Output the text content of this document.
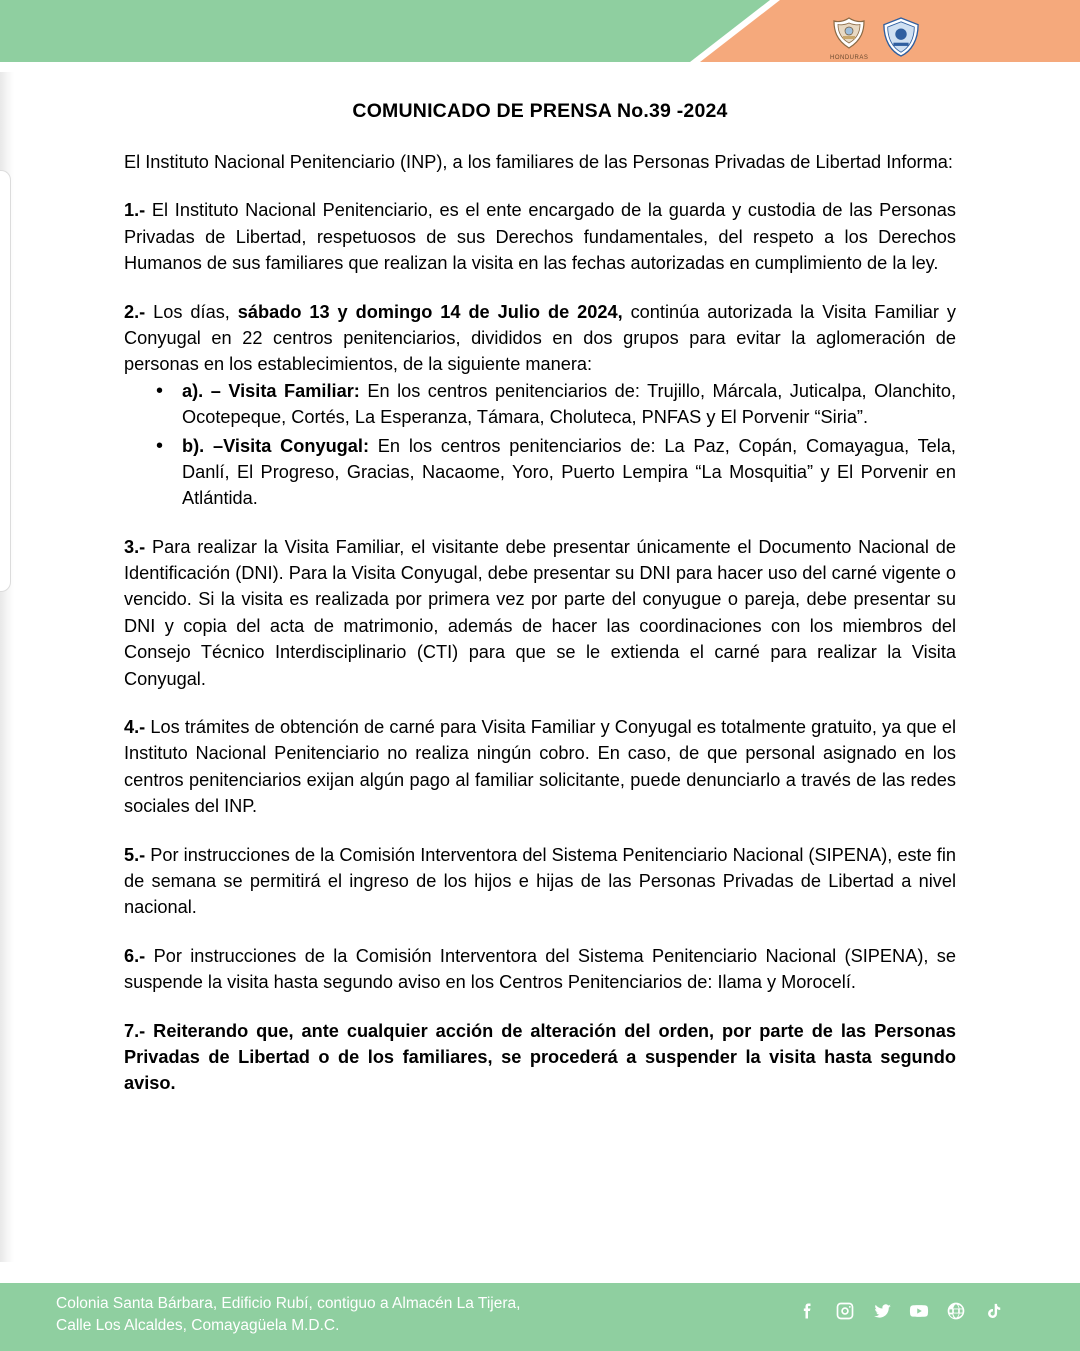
HONDURAS
COMUNICADO DE PRENSA No.39 -2024

El Instituto Nacional Penitenciario (INP), a los familiares de las Personas Privadas de Libertad Informa:

1.- El Instituto Nacional Penitenciario, es el ente encargado de la guarda y custodia de las Personas Privadas de Libertad, respetuosos de sus Derechos fundamentales, del respeto a los Derechos Humanos de sus familiares que realizan la visita en las fechas autorizadas en cumplimiento de la ley.

2.- Los días, sábado 13 y domingo 14 de Julio de 2024, continúa autorizada la Visita Familiar y Conyugal en 22 centros penitenciarios, divididos en dos grupos para evitar la aglomeración de personas en los establecimientos, de la siguiente manera:

• a). – Visita Familiar: En los centros penitenciarios de: Trujillo, Márcala, Juticalpa, Olanchito, Ocotepeque, Cortés, La Esperanza, Támara, Choluteca, PNFAS y El Porvenir “Siria”.
• b). –Visita Conyugal: En los centros penitenciarios de: La Paz, Copán, Comayagua, Tela, Danlí, El Progreso, Gracias, Nacaome, Yoro, Puerto Lempira “La Mosquitia” y El Porvenir en Atlántida.

3.- Para realizar la Visita Familiar, el visitante debe presentar únicamente el Documento Nacional de Identificación (DNI). Para la Visita Conyugal, debe presentar su DNI para hacer uso del carné vigente o vencido. Si la visita es realizada por primera vez por parte del conyugue o pareja, debe presentar su DNI y copia del acta de matrimonio, además de hacer las coordinaciones con los miembros del Consejo Técnico Interdisciplinario (CTI) para que se le extienda el carné para realizar la Visita Conyugal.

4.- Los trámites de obtención de carné para Visita Familiar y Conyugal es totalmente gratuito, ya que el Instituto Nacional Penitenciario no realiza ningún cobro. En caso, de que personal asignado en los centros penitenciarios exijan algún pago al familiar solicitante, puede denunciarlo a través de las redes sociales del INP.

5.- Por instrucciones de la Comisión Interventora del Sistema Penitenciario Nacional (SIPENA), este fin de semana se permitirá el ingreso de los hijos e hijas de las Personas Privadas de Libertad a nivel nacional.

6.- Por instrucciones de la Comisión Interventora del Sistema Penitenciario Nacional (SIPENA), se suspende la visita hasta segundo aviso en los Centros Penitenciarios de: Ilama y Morocelí.

7.- Reiterando que, ante cualquier acción de alteración del orden, por parte de las Personas Privadas de Libertad o de los familiares, se procederá a suspender la visita hasta segundo aviso.

Colonia Santa Bárbara, Edificio Rubí, contiguo a Almacén La Tijera,
Calle Los Alcaldes, Comayagüela M.D.C.
